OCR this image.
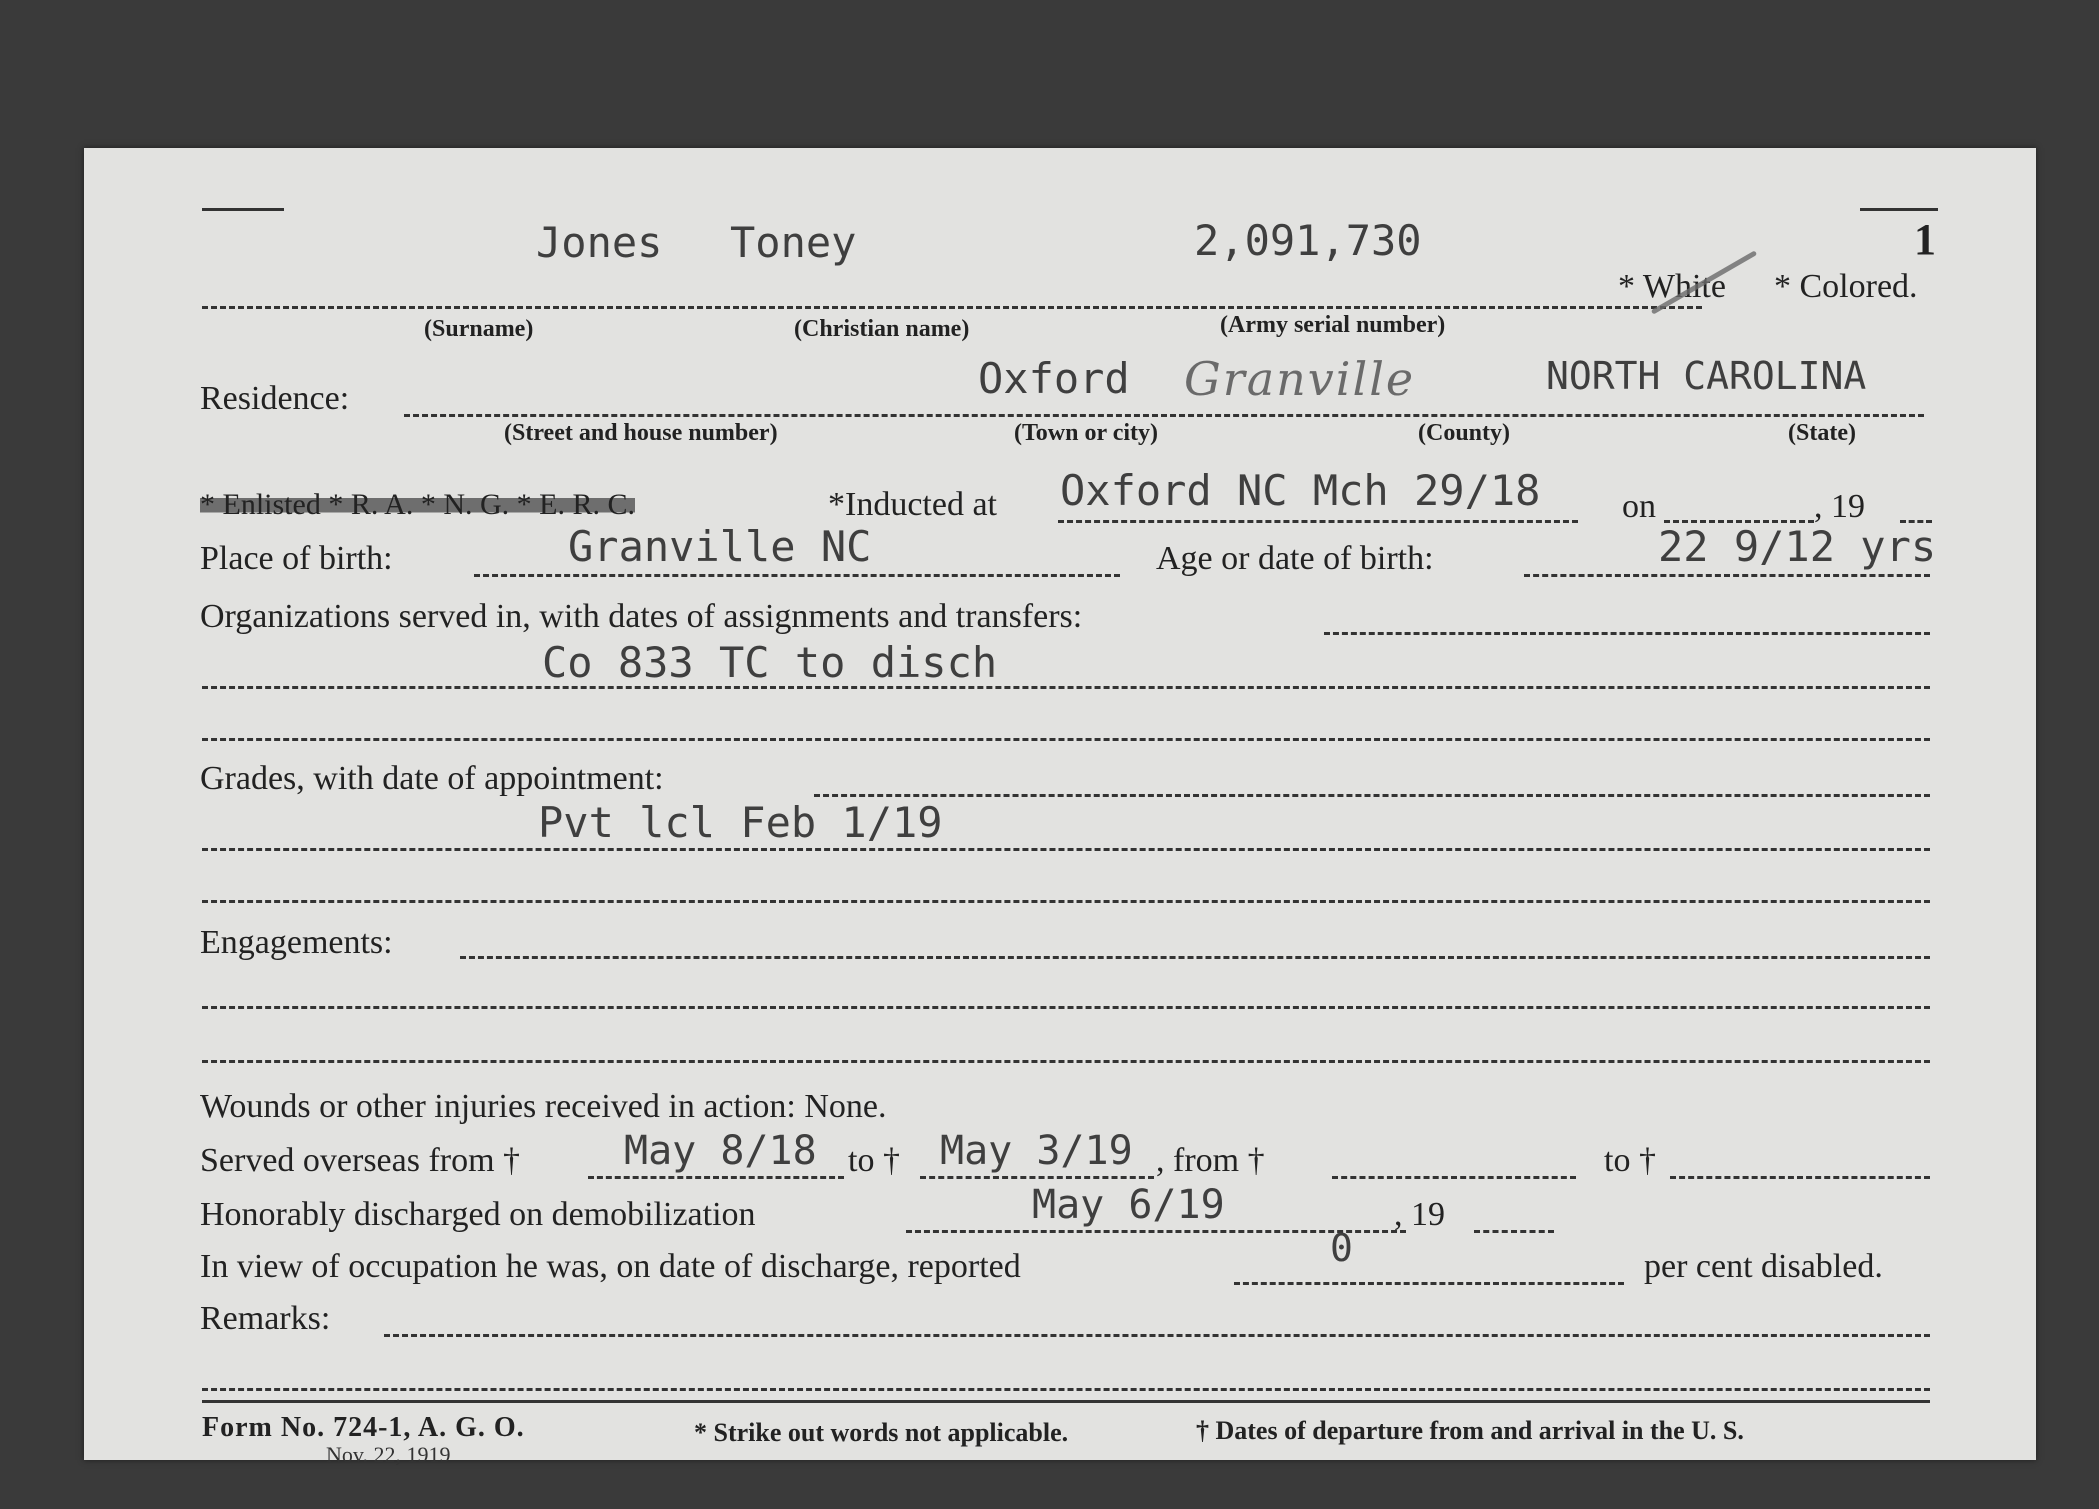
Jones Toney	2,091,730	1
* White * Colored.
(Surname)	(Christian name)	(Army serial number)
Residence:	Oxford Granville	NORTH CAROLINA
(Street and house number)	(Town or city)	(County)	(State)
* Enlisted * R. A. * N. G. * E. R. C.	*Inducted at Oxford NC Mch 29/18 on	, 19
Place of birth:	Granville NC	Age or date of birth:	22 9/12 yrs
Organizations served in, with dates of assignments and transfers:
Co 833 TC to disch
Grades, with date of appointment:
Pvt lcl Feb 1/19
Engagements:
Wounds or other injuries received in action: None.
Served overseas from †	May 8/18 to † May 3/19 , from †	to †
Honorably discharged on demobilization	May 6/19	, 19
In view of occupation he was, on date of discharge, reported	0	per cent disabled.
Remarks:
Form No. 724-1, A. G. O.
Nov. 22, 1919
* Strike out words not applicable.	† Dates of departure from and arrival in the U. S.
